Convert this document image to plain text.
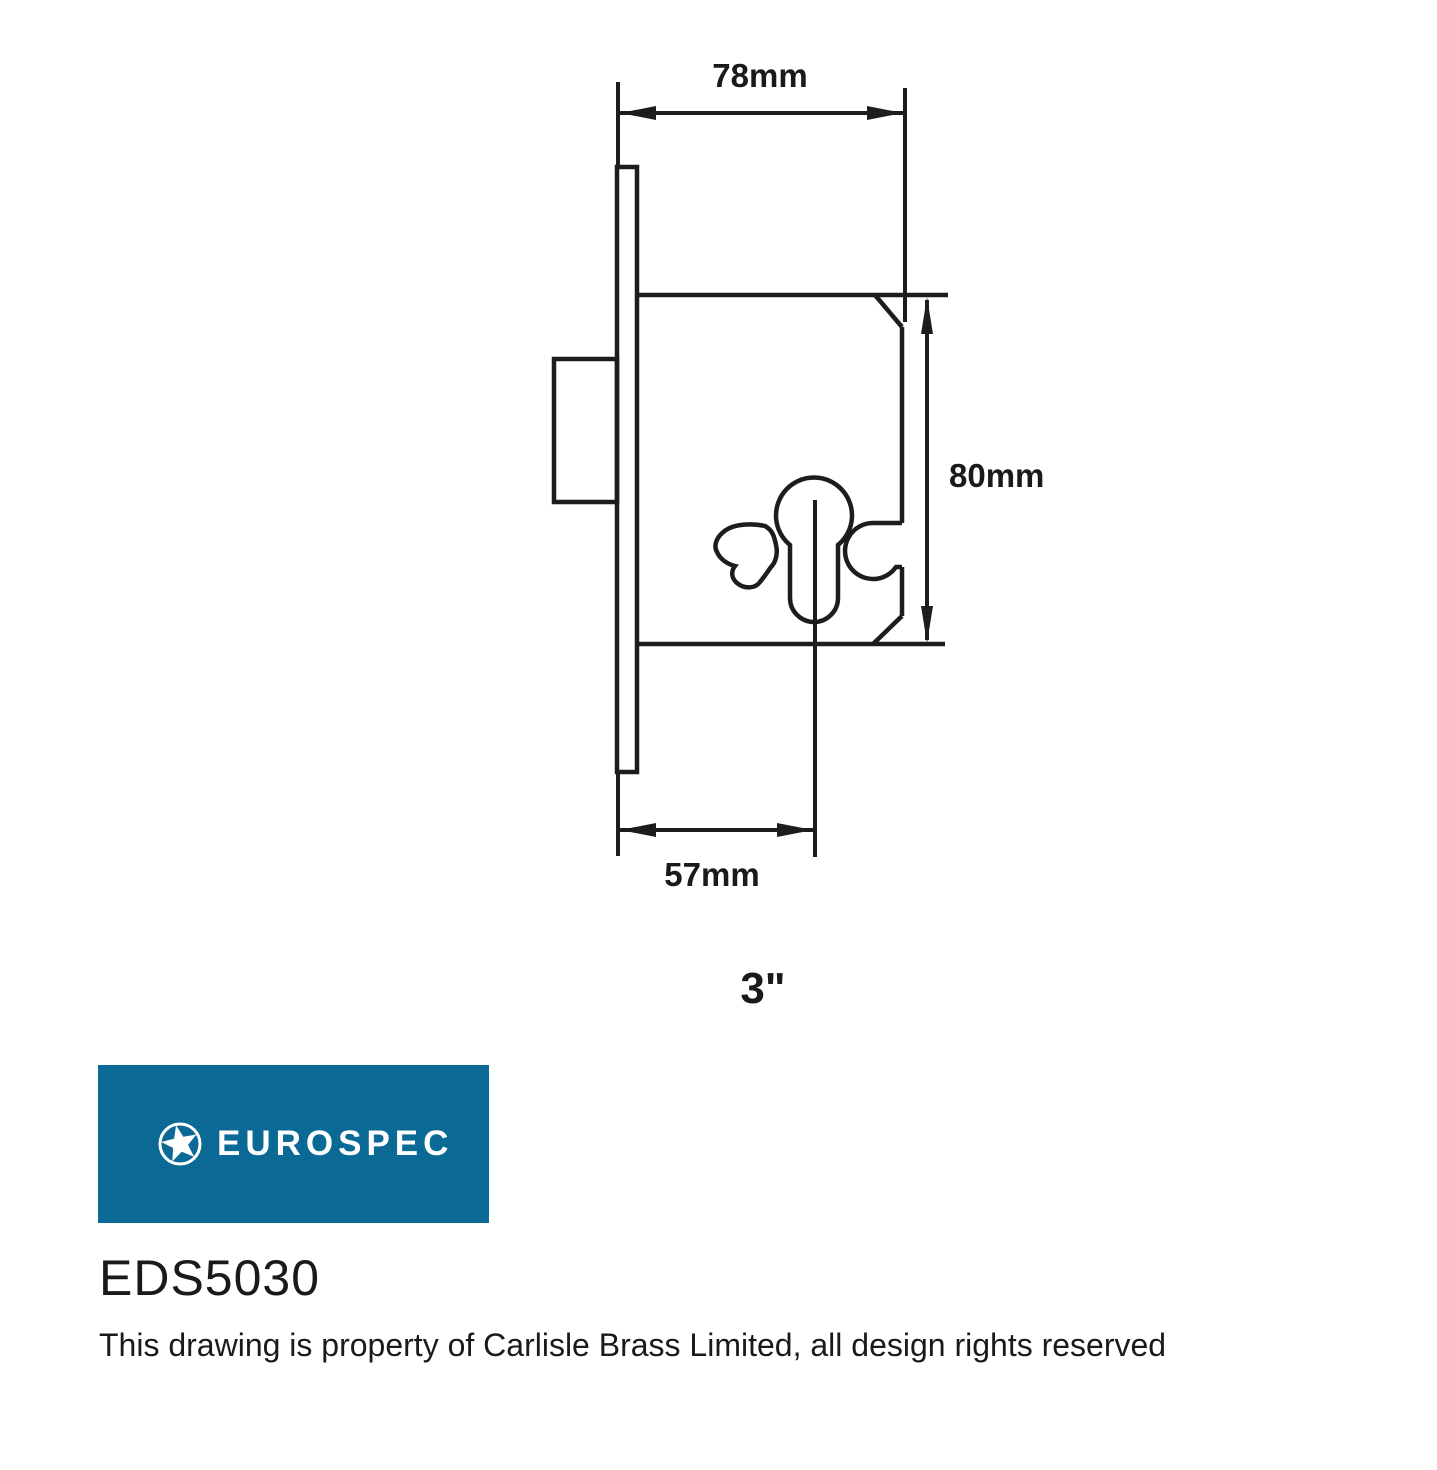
78mm
80mm
57mm
3"
EUROSPEC
EDS5030
This drawing is property of Carlisle Brass Limited, all design rights reserved
